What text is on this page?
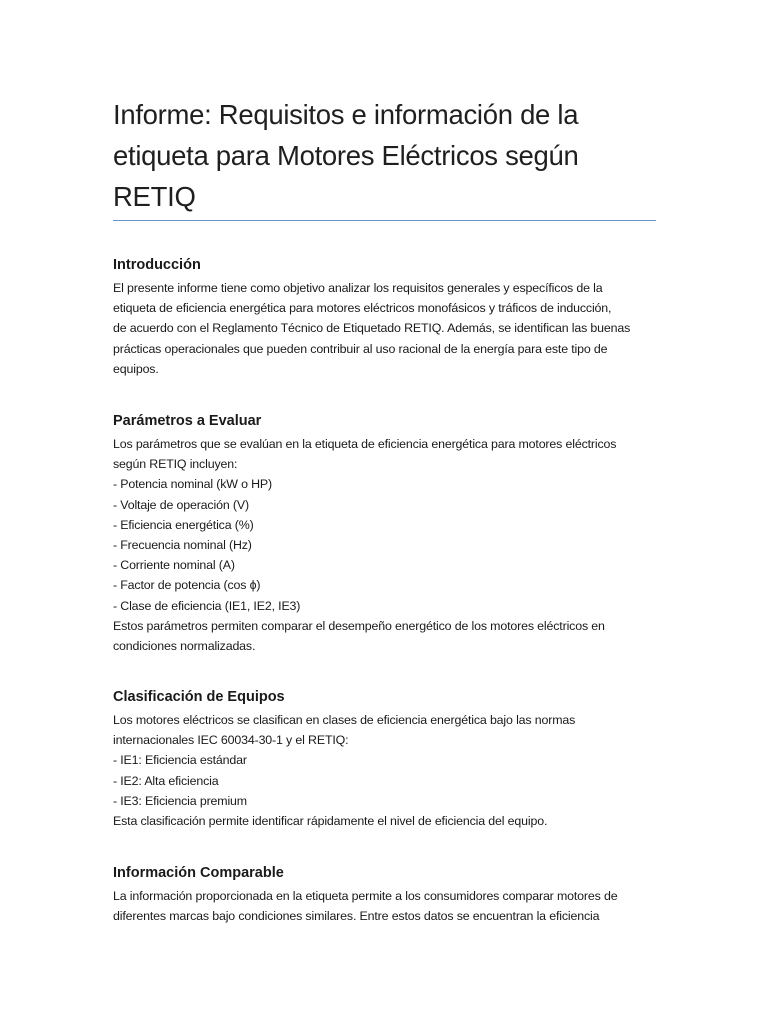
Informe: Requisitos e información de la etiqueta para Motores Eléctricos según RETIQ
Introducción
El presente informe tiene como objetivo analizar los requisitos generales y específicos de la
etiqueta de eficiencia energética para motores eléctricos monofásicos y tráficos de inducción,
de acuerdo con el Reglamento Técnico de Etiquetado RETIQ. Además, se identifican las buenas
prácticas operacionales que pueden contribuir al uso racional de la energía para este tipo de
equipos.
Parámetros a Evaluar
Los parámetros que se evalúan en la etiqueta de eficiencia energética para motores eléctricos
según RETIQ incluyen:
- Potencia nominal (kW o HP)
- Voltaje de operación (V)
- Eficiencia energética (%)
- Frecuencia nominal (Hz)
- Corriente nominal (A)
- Factor de potencia (cos ϕ)
- Clase de eficiencia (IE1, IE2, IE3)
Estos parámetros permiten comparar el desempeño energético de los motores eléctricos en
condiciones normalizadas.
Clasificación de Equipos
Los motores eléctricos se clasifican en clases de eficiencia energética bajo las normas
internacionales IEC 60034-30-1 y el RETIQ:
- IE1: Eficiencia estándar
- IE2: Alta eficiencia
- IE3: Eficiencia premium
Esta clasificación permite identificar rápidamente el nivel de eficiencia del equipo.
Información Comparable
La información proporcionada en la etiqueta permite a los consumidores comparar motores de
diferentes marcas bajo condiciones similares. Entre estos datos se encuentran la eficiencia
